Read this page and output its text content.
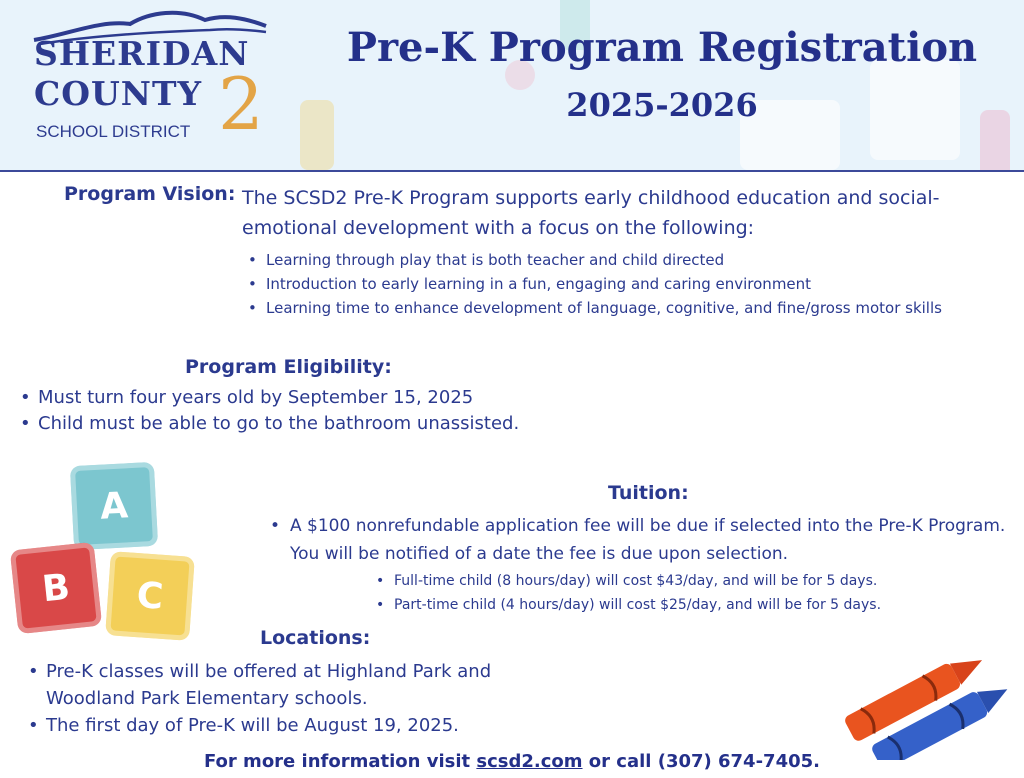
SHERIDAN
COUNTY 2
SCHOOL DISTRICT
Pre-K Program Registration
2025-2026
Program Vision: The SCSD2 Pre-K Program supports early childhood education and social-emotional development with a focus on the following:
• Learning through play that is both teacher and child directed
• Introduction to early learning in a fun, engaging and caring environment
• Learning time to enhance development of language, cognitive, and fine/gross motor skills
Program Eligibility:
• Must turn four years old by September 15, 2025
• Child must be able to go to the bathroom unassisted.
A
B	C
Tuition:
• A $100 nonrefundable application fee will be due if selected into the Pre-K Program. You will be notified of a date the fee is due upon selection.
• Full-time child (8 hours/day) will cost $43/day, and will be for 5 days.
• Part-time child (4 hours/day) will cost $25/day, and will be for 5 days.
Locations:
• Pre-K classes will be offered at Highland Park and Woodland Park Elementary schools.
• The first day of Pre-K will be August 19, 2025.
For more information visit scsd2.com or call (307) 674-7405.
